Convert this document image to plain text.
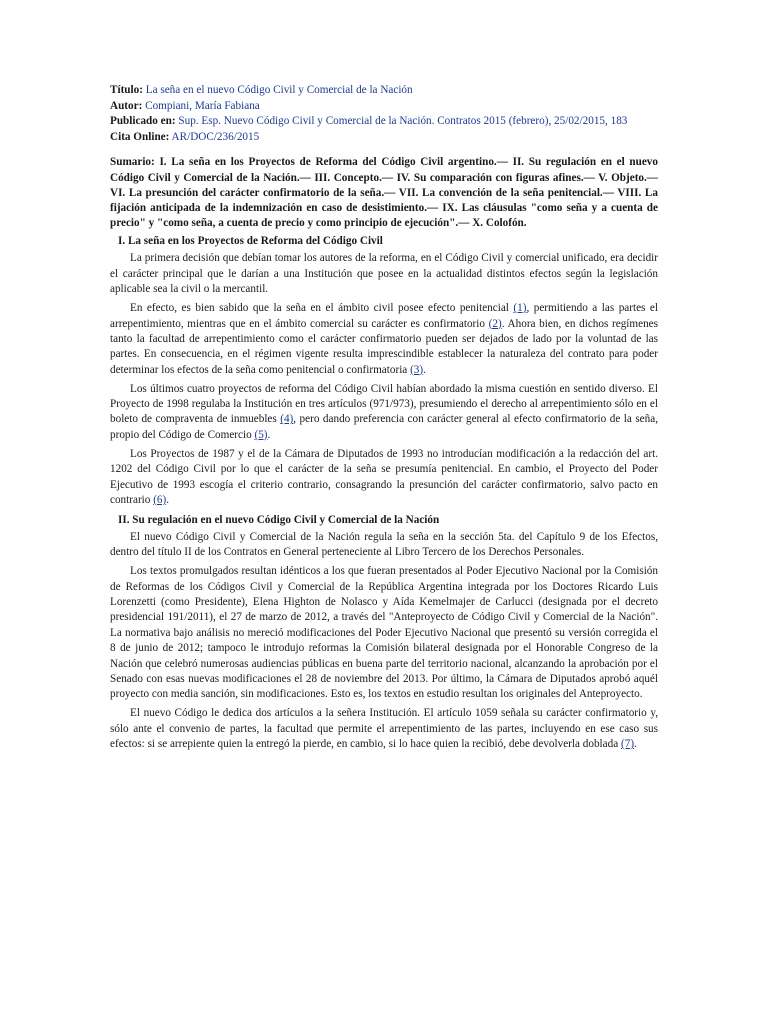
Título: La seña en el nuevo Código Civil y Comercial de la Nación
Autor: Compiani, María Fabiana
Publicado en: Sup. Esp. Nuevo Código Civil y Comercial de la Nación. Contratos 2015 (febrero), 25/02/2015, 183
Cita Online: AR/DOC/236/2015
Sumario: I. La seña en los Proyectos de Reforma del Código Civil argentino.— II. Su regulación en el nuevo Código Civil y Comercial de la Nación.— III. Concepto.— IV. Su comparación con figuras afines.— V. Objeto.— VI. La presunción del carácter confirmatorio de la seña.— VII. La convención de la seña penitencial.— VIII. La fijación anticipada de la indemnización en caso de desistimiento.— IX. Las cláusulas "como seña y a cuenta de precio" y "como seña, a cuenta de precio y como principio de ejecución".— X. Colofón.
I. La seña en los Proyectos de Reforma del Código Civil

La primera decisión que debían tomar los autores de la reforma, en el Código Civil y comercial unificado, era decidir el carácter principal que le darían a una Institución que posee en la actualidad distintos efectos según la legislación aplicable sea la civil o la mercantil.

En efecto, es bien sabido que la seña en el ámbito civil posee efecto penitencial (1), permitiendo a las partes el arrepentimiento, mientras que en el ámbito comercial su carácter es confirmatorio (2). Ahora bien, en dichos regímenes tanto la facultad de arrepentimiento como el carácter confirmatorio pueden ser dejados de lado por la voluntad de las partes. En consecuencia, en el régimen vigente resulta imprescindible establecer la naturaleza del contrato para poder determinar los efectos de la seña como penitencial o confirmatoria (3).

Los últimos cuatro proyectos de reforma del Código Civil habían abordado la misma cuestión en sentido diverso. El Proyecto de 1998 regulaba la Institución en tres artículos (971/973), presumiendo el derecho al arrepentimiento sólo en el boleto de compraventa de inmuebles (4), pero dando preferencia con carácter general al efecto confirmatorio de la seña, propio del Código de Comercio (5).

Los Proyectos de 1987 y el de la Cámara de Diputados de 1993 no introducían modificación a la redacción del art. 1202 del Código Civil por lo que el carácter de la seña se presumía penitencial. En cambio, el Proyecto del Poder Ejecutivo de 1993 escogía el criterio contrario, consagrando la presunción del carácter confirmatorio, salvo pacto en contrario (6).

II. Su regulación en el nuevo Código Civil y Comercial de la Nación

El nuevo Código Civil y Comercial de la Nación regula la seña en la sección 5ta. del Capítulo 9 de los Efectos, dentro del título II de los Contratos en General perteneciente al Libro Tercero de los Derechos Personales.

Los textos promulgados resultan idénticos a los que fueran presentados al Poder Ejecutivo Nacional por la Comisión de Reformas de los Códigos Civil y Comercial de la República Argentina integrada por los Doctores Ricardo Luis Lorenzetti (como Presidente), Elena Highton de Nolasco y Aída Kemelmajer de Carlucci (designada por el decreto presidencial 191/2011), el 27 de marzo de 2012, a través del "Anteproyecto de Código Civil y Comercial de la Nación". La normativa bajo análisis no mereció modificaciones del Poder Ejecutivo Nacional que presentó su versión corregida el 8 de junio de 2012; tampoco le introdujo reformas la Comisión bilateral designada por el Honorable Congreso de la Nación que celebró numerosas audiencias públicas en buena parte del territorio nacional, alcanzando la aprobación por el Senado con esas nuevas modificaciones el 28 de noviembre del 2013. Por último, la Cámara de Diputados aprobó aquél proyecto con media sanción, sin modificaciones. Esto es, los textos en estudio resultan los originales del Anteproyecto.

El nuevo Código le dedica dos artículos a la señera Institución. El artículo 1059 señala su carácter confirmatorio y, sólo ante el convenio de partes, la facultad que permite el arrepentimiento de las partes, incluyendo en ese caso sus efectos: si se arrepiente quien la entregó la pierde, en cambio, si lo hace quien la recibió, debe devolverla doblada (7).
